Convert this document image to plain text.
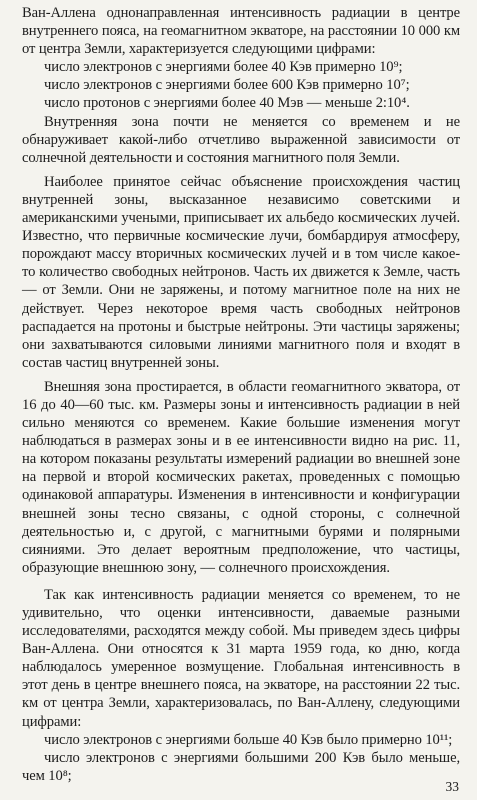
Ван-Аллена однонаправленная интенсивность радиации в центре внутреннего пояса, на геомагнитном экваторе, на расстоянии 10 000 км от центра Земли, характеризуется следующими цифрами:

число электронов с энергиями более 40 Кэв примерно 10⁹;

число электронов с энергиями более 600 Кэв примерно 10⁷;

число протонов с энергиями более 40 Мэв — меньше 2:10⁴.

Внутренняя зона почти не меняется со временем и не обнаруживает какой-либо отчетливо выраженной зависимости от солнечной деятельности и состояния магнитного поля Земли.

Наиболее принятое сейчас объяснение происхождения частиц внутренней зоны, высказанное независимо советскими и американскими учеными, приписывает их альбедо космических лучей. Известно, что первичные космические лучи, бомбардируя атмосферу, порождают массу вторичных космических лучей и в том числе какое-то количество свободных нейтронов. Часть их движется к Земле, часть — от Земли. Они не заряжены, и потому магнитное поле на них не действует. Через некоторое время часть свободных нейтронов распадается на протоны и быстрые нейтроны. Эти частицы заряжены; они захватываются силовыми линиями магнитного поля и входят в состав частиц внутренней зоны.

Внешняя зона простирается, в области геомагнитного экватора, от 16 до 40—60 тыс. км. Размеры зоны и интенсивность радиации в ней сильно меняются со временем. Какие большие изменения могут наблюдаться в размерах зоны и в ее интенсивности видно на рис. 11, на котором показаны результаты измерений радиации во внешней зоне на первой и второй космических ракетах, проведенных с помощью одинаковой аппаратуры. Изменения в интенсивности и конфигурации внешней зоны тесно связаны, с одной стороны, с солнечной деятельностью и, с другой, с магнитными бурями и полярными сияниями. Это делает вероятным предположение, что частицы, образующие внешнюю зону, — солнечного происхождения.

Так как интенсивность радиации меняется со временем, то не удивительно, что оценки интенсивности, даваемые разными исследователями, расходятся между собой. Мы приведем здесь цифры Ван-Аллена. Они относятся к 31 марта 1959 года, ко дню, когда наблюдалось умеренное возмущение. Глобальная интенсивность в этот день в центре внешнего пояса, на экваторе, на расстоянии 22 тыс. км от центра Земли, характеризовалась, по Ван-Аллену, следующими цифрами:

число электронов с энергиями больше 40 Кэв было примерно 10¹¹;

число электронов с энергиями большими 200 Кэв было меньше, чем 10⁸;

33
